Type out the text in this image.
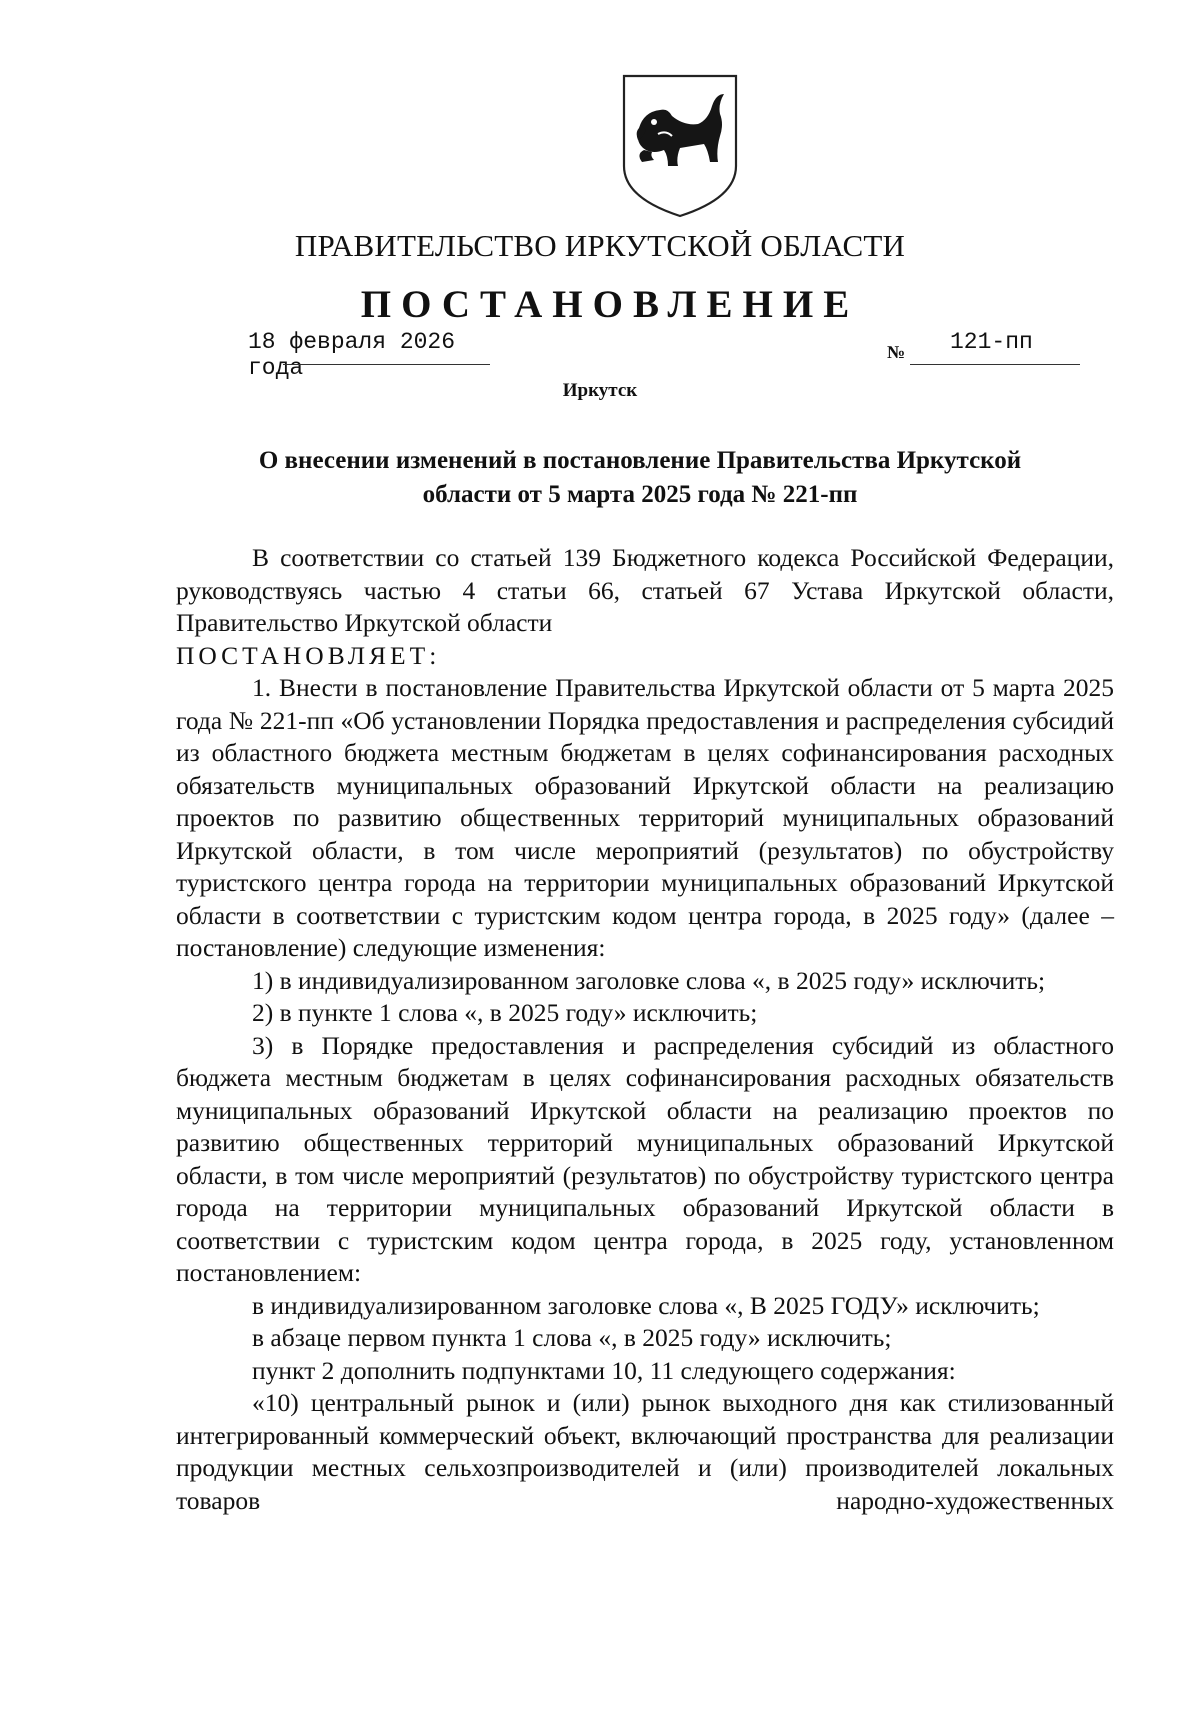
ПРАВИТЕЛЬСТВО ИРКУТСКОЙ ОБЛАСТИ
ПОСТАНОВЛЕНИЕ
18 февраля 2026 года
№ 121-пп
Иркутск
О внесении изменений в постановление Правительства Иркутской
области от 5 марта 2025 года № 221-пп

В соответствии со статьей 139 Бюджетного кодекса Российской Федерации, руководствуясь частью 4 статьи 66, статьей 67 Устава Иркутской области, Правительство Иркутской области

ПОСТАНОВЛЯЕТ:

1. Внести в постановление Правительства Иркутской области от 5 марта 2025 года № 221-пп «Об установлении Порядка предоставления и распределения субсидий из областного бюджета местным бюджетам в целях софинансирования расходных обязательств муниципальных образований Иркутской области на реализацию проектов по развитию общественных территорий муниципальных образований Иркутской области, в том числе мероприятий (результатов) по обустройству туристского центра города на территории муниципальных образований Иркутской области в соответствии с туристским кодом центра города, в 2025 году» (далее – постановление) следующие изменения:

1) в индивидуализированном заголовке слова «, в 2025 году» исключить;

2) в пункте 1 слова «, в 2025 году» исключить;

3) в Порядке предоставления и распределения субсидий из областного бюджета местным бюджетам в целях софинансирования расходных обязательств муниципальных образований Иркутской области на реализацию проектов по развитию общественных территорий муниципальных образований Иркутской области, в том числе мероприятий (результатов) по обустройству туристского центра города на территории муниципальных образований Иркутской области в соответствии с туристским кодом центра города, в 2025 году, установленном постановлением:

в индивидуализированном заголовке слова «, В 2025 ГОДУ» исключить;

в абзаце первом пункта 1 слова «, в 2025 году» исключить;

пункт 2 дополнить подпунктами 10, 11 следующего содержания:

«10) центральный рынок и (или) рынок выходного дня как стилизованный интегрированный коммерческий объект, включающий пространства для реализации продукции местных сельхозпроизводителей и (или) производителей локальных товаров народно-художественных
